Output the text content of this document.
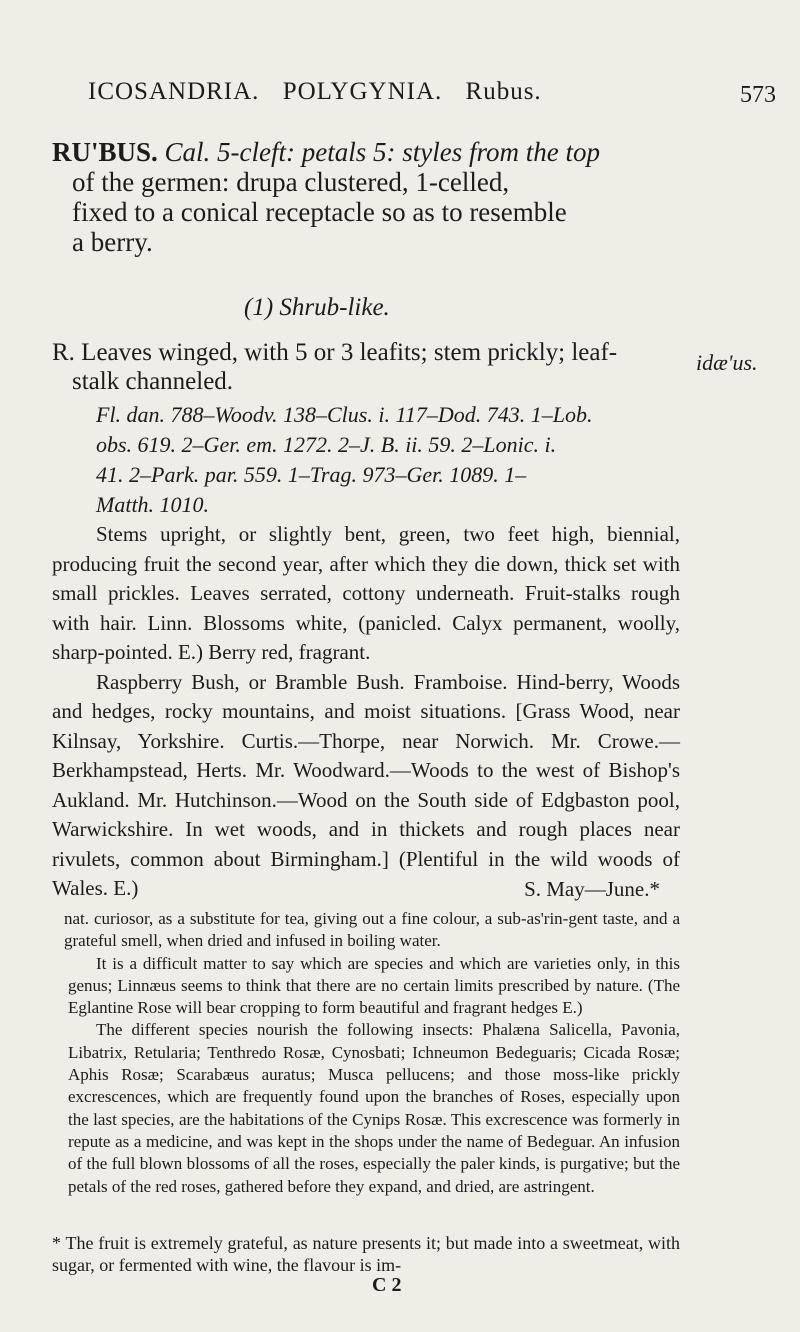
ICOSANDRIA. POLYGYNIA. Rubus.	573

RU'BUS. Cal. 5-cleft: petals 5: styles from the top

of the germen: drupa clustered, 1-celled,

fixed to a conical receptacle so as to resemble

a berry.

(1) Shrub-like.

R. Leaves winged, with 5 or 3 leafits; stem prickly; leaf-

stalk channeled.

idæ'us.

Fl. dan. 788–Woodv. 138–Clus. i. 117–Dod. 743. 1–Lob.

obs. 619. 2–Ger. em. 1272. 2–J. B. ii. 59. 2–Lonic. i.

41. 2–Park. par. 559. 1–Trag. 973–Ger. 1089. 1–

Matth. 1010.

Stems upright, or slightly bent, green, two feet high, biennial, producing fruit the second year, after which they die down, thick set with small prickles. Leaves serrated, cottony underneath. Fruit-stalks rough with hair. Linn. Blossoms white, (panicled. Calyx permanent, woolly, sharp-pointed. E.) Berry red, fragrant.

Raspberry Bush, or Bramble Bush. Framboise. Hind-berry, Woods and hedges, rocky mountains, and moist situations. [Grass Wood, near Kilnsay, Yorkshire. Curtis.—Thorpe, near Norwich. Mr. Crowe.—Berkhampstead, Herts. Mr. Woodward.—Woods to the west of Bishop's Aukland. Mr. Hutchinson.—Wood on the South side of Edgbaston pool, Warwickshire. In wet woods, and in thickets and rough places near rivulets, common about Birmingham.] (Plentiful in the wild woods of Wales. E.)	S. May—June.*

nat. curiosor, as a substitute for tea, giving out a fine colour, a sub-as'rin-gent taste, and a grateful smell, when dried and infused in boiling water.

It is a difficult matter to say which are species and which are varieties only, in this genus; Linnæus seems to think that there are no certain limits prescribed by nature. (The Eglantine Rose will bear cropping to form beautiful and fragrant hedges E.)

The different species nourish the following insects: Phalæna Salicella, Pavonia, Libatrix, Retularia; Tenthredo Rosæ, Cynosbati; Ichneumon Bedeguaris; Cicada Rosæ; Aphis Rosæ; Scarabæus auratus; Musca pellucens; and those moss-like prickly excrescences, which are frequently found upon the branches of Roses, especially upon the last species, are the habitations of the Cynips Rosæ. This excrescence was formerly in repute as a medicine, and was kept in the shops under the name of Bedeguar. An infusion of the full blown blossoms of all the roses, especially the paler kinds, is purgative; but the petals of the red roses, gathered before they expand, and dried, are astringent.

* The fruit is extremely grateful, as nature presents it; but made into a sweetmeat, with sugar, or fermented with wine, the flavour is im-
C 2
